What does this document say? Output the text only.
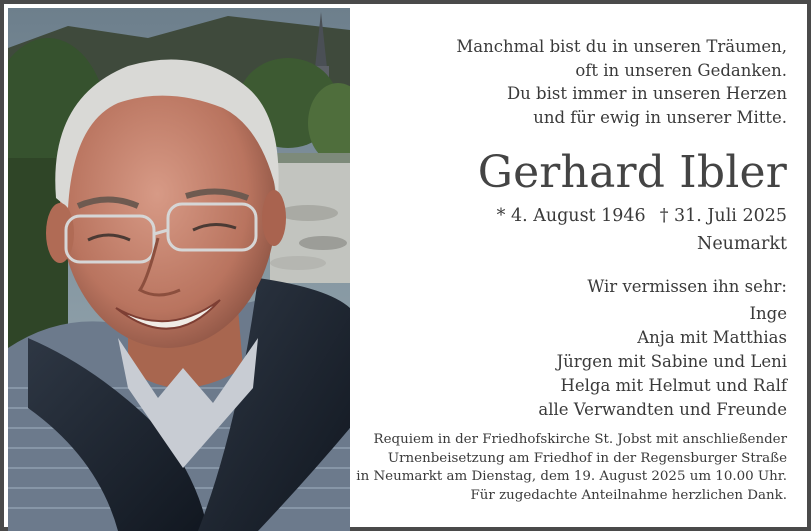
Manchmal bist du in unseren Träumen,
oft in unseren Gedanken.
Du bist immer in unseren Herzen
und für ewig in unserer Mitte.
Gerhard Ibler
* 4. August 1946 † 31. Juli 2025
Neumarkt
Wir vermissen ihn sehr:
Inge
Anja mit Matthias
Jürgen mit Sabine und Leni
Helga mit Helmut und Ralf
alle Verwandten und Freunde
Requiem in der Friedhofskirche St. Jobst mit anschließender
Urnenbeisetzung am Friedhof in der Regensburger Straße
in Neumarkt am Dienstag, dem 19. August 2025 um 10.00 Uhr.
Für zugedachte Anteilnahme herzlichen Dank.
